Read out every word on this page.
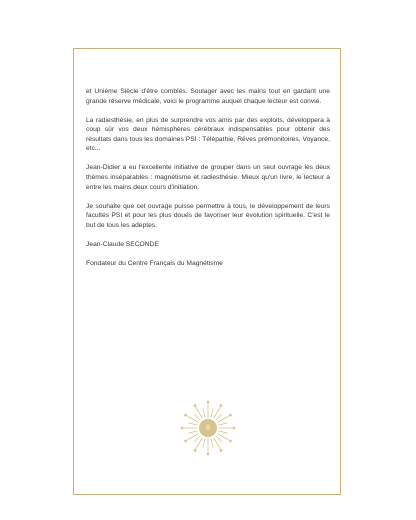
et Unième Siècle d'être comblés. Soulager avec les mains tout en gardant une grande réserve médicale, voici le programme auquel chaque lecteur est convié.

La radiesthésie, en plus de surprendre vos amis par des exploits, développera à coup sûr vos deux hémisphères cérébraux indispensables pour obtenir des résultats dans tous les domaines PSI : Télépathie, Rêves prémonitoires, Voyance, etc...

Jean-Didier a eu l'excellente initiative de grouper dans un seul ouvrage les deux thèmes inséparables : magnétisme et radiesthésie. Mieux qu'un livre, le lecteur a entre les mains deux cours d'initiation.

Je souhaite que cet ouvrage puisse permettre à tous, le développement de leurs facultés PSI et pour les plus doués de favoriser leur évolution spirituelle. C'est le but de tous les adeptes.

Jean-Claude SECONDE

Fondateur du Centre Français du Magnétisme

8
